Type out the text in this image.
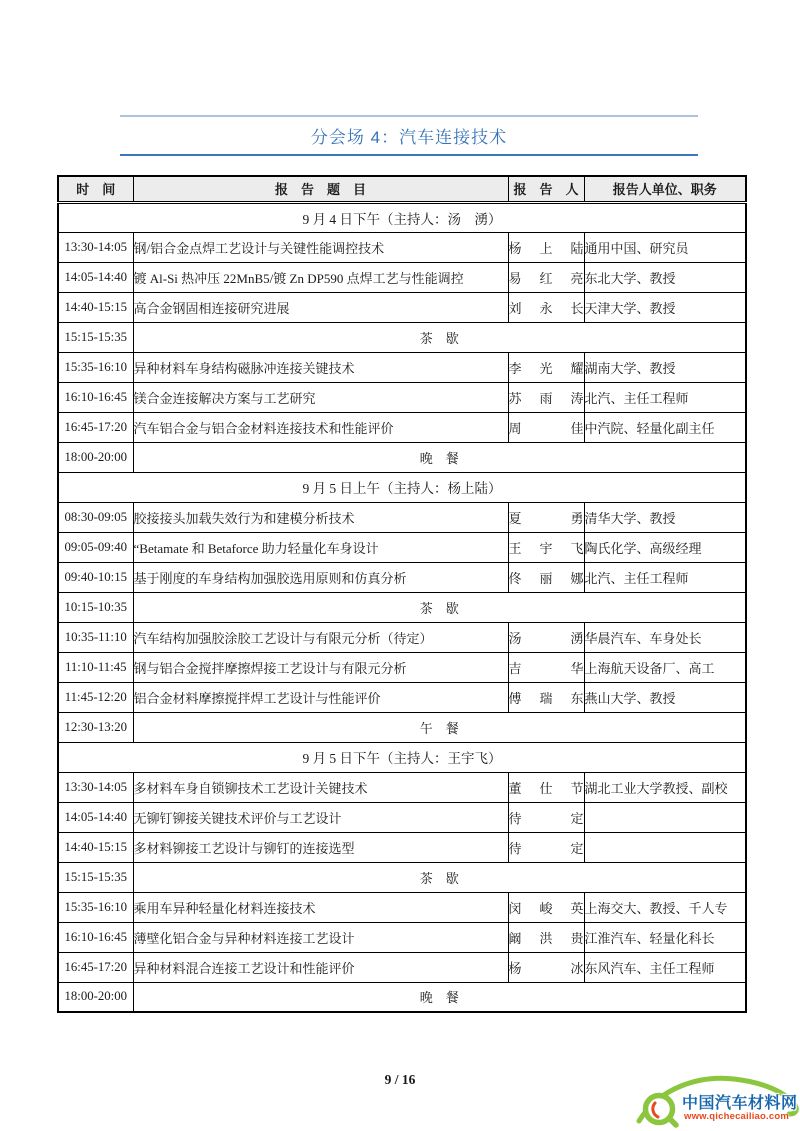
分会场 4：汽车连接技术
时　间	报　告　题　目	报　告　人	报告人单位、职务
9 月 4 日下午（主持人：汤　湧）			
13:30-14:05	钢/铝合金点焊工艺设计与关键性能调控技术	杨上陆	通用中国、研究员
14:05-14:40	镀 Al-Si 热冲压 22MnB5/镀 Zn DP590 点焊工艺与性能调控	易红亮	东北大学、教授
14:40-15:15	高合金钢固相连接研究进展	刘永长	天津大学、教授
15:15-15:35	茶　歇		
15:35-16:10	异种材料车身结构磁脉冲连接关键技术	李光耀	湖南大学、教授
16:10-16:45	镁合金连接解决方案与工艺研究	苏雨涛	北汽、主任工程师
16:45-17:20	汽车铝合金与铝合金材料连接技术和性能评价	周佳	中汽院、轻量化副主任
18:00-20:00	晚　餐		
9 月 5 日上午（主持人：杨上陆）			
08:30-09:05	胶接接头加载失效行为和建模分析技术	夏勇	清华大学、教授
09:05-09:40	“Betamate 和 Betaforce 助力轻量化车身设计	王宇飞	陶氏化学、高级经理
09:40-10:15	基于刚度的车身结构加强胶选用原则和仿真分析	佟丽娜	北汽、主任工程师
10:15-10:35	茶　歇		
10:35-11:10	汽车结构加强胶涂胶工艺设计与有限元分析（待定）	汤湧	华晨汽车、车身处长
11:10-11:45	钢与铝合金搅拌摩擦焊接工艺设计与有限元分析	吉华	上海航天设备厂、高工
11:45-12:20	铝合金材料摩擦搅拌焊工艺设计与性能评价	傅瑞东	燕山大学、教授
12:30-13:20	午　餐		
9 月 5 日下午（主持人：王宇飞）			
13:30-14:05	多材料车身自锁铆技术工艺设计关键技术	董仕节	湖北工业大学教授、副校
14:05-14:40	无铆钉铆接关键技术评价与工艺设计	待定	
14:40-15:15	多材料铆接工艺设计与铆钉的连接选型	待定	
15:15-15:35	茶　歇		
15:35-16:10	乘用车异种轻量化材料连接技术	闵峻英	上海交大、教授、千人专
16:10-16:45	薄壁化铝合金与异种材料连接工艺设计	阚洪贵	江淮汽车、轻量化科长
16:45-17:20	异种材料混合连接工艺设计和性能评价	杨冰	东风汽车、主任工程师
18:00-20:00	晚　餐		
9 / 16
中国汽车材料网
www.qichecailiao.com
